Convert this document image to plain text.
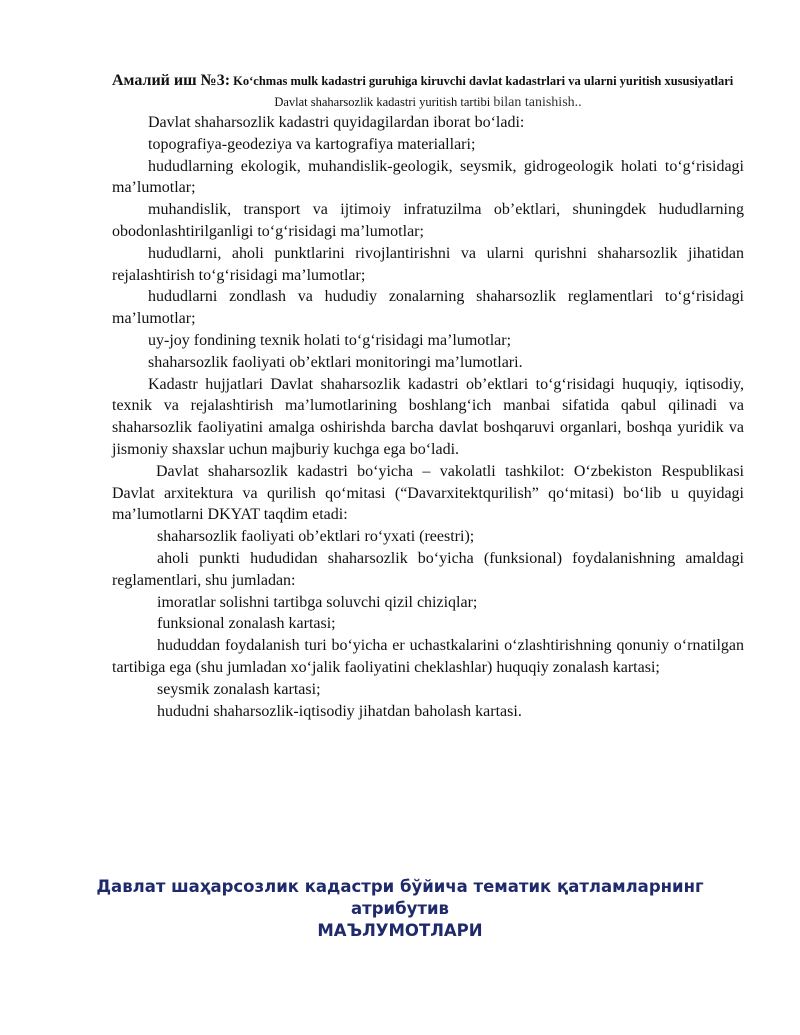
Амалий иш №3: Ko‘chmas mulk kadastri guruhiga kiruvchi davlat kadastrlari va ularni yuritish xususiyatlari
Davlat shaharsozlik kadastri yuritish tartibi bilan tanishish..

Davlat shaharsozlik kadastri quyidagilardan iborat bo‘ladi:

topografiya-geodeziya va kartografiya materiallari;

hududlarning ekologik, muhandislik-geologik, seysmik, gidrogeologik holati to‘g‘risidagi ma’lumotlar;

muhandislik, transport va ijtimoiy infratuzilma ob’ektlari, shuningdek hududlarning obodonlashtirilganligi to‘g‘risidagi ma’lumotlar;

hududlarni, aholi punktlarini rivojlantirishni va ularni qurishni shaharsozlik jihatidan rejalashtirish to‘g‘risidagi ma’lumotlar;

hududlarni zondlash va hududiy zonalarning shaharsozlik reglamentlari to‘g‘risidagi ma’lumotlar;

uy-joy fondining texnik holati to‘g‘risidagi ma’lumotlar;

shaharsozlik faoliyati ob’ektlari monitoringi ma’lumotlari.

Kadastr hujjatlari Davlat shaharsozlik kadastri ob’ektlari to‘g‘risidagi huquqiy, iqtisodiy, texnik va rejalashtirish ma’lumotlarining boshlang‘ich manbai sifatida qabul qilinadi va shaharsozlik faoliyatini amalga oshirishda barcha davlat boshqaruvi organlari, boshqa yuridik va jismoniy shaxslar uchun majburiy kuchga ega bo‘ladi.

Davlat shaharsozlik kadastri bo‘yicha – vakolatli tashkilot: O‘zbekiston Respublikasi Davlat arxitektura va qurilish qo‘mitasi (“Davarxitektqurilish” qo‘mitasi) bo‘lib u quyidagi ma’lumotlarni DKYAT taqdim etadi:

shaharsozlik faoliyati ob’ektlari ro‘yxati (reestri);

aholi punkti hududidan shaharsozlik bo‘yicha (funksional) foydalanishning amaldagi reglamentlari, shu jumladan:

imoratlar solishni tartibga soluvchi qizil chiziqlar;

funksional zonalash kartasi;

hududdan foydalanish turi bo‘yicha er uchastkalarini o‘zlashtirishning qonuniy o‘rnatilgan tartibiga ega (shu jumladan xo‘jalik faoliyatini cheklashlar) huquqiy zonalash kartasi;

seysmik zonalash kartasi;

hududni shaharsozlik-iqtisodiy jihatdan baholash kartasi.

Давлат шаҳарсозлик кадастри бўйича тематик қатламларнинг
атрибутив
МАЪЛУМОТЛАРИ
